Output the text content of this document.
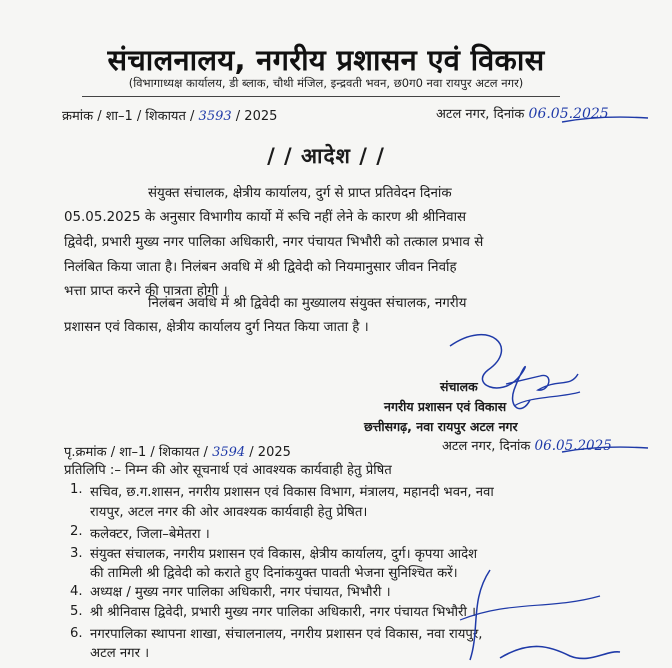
संचालनालय, नगरीय प्रशासन एवं विकास
(विभागाध्यक्ष कार्यालय, डी ब्लाक, चौथी मंजिल, इन्द्रवती भवन, छ0ग0 नवा रायपुर अटल नगर)
क्रमांक / शा–1 / शिकायत / 3593 / 2025	अटल नगर, दिनांक 06.05.2025
/ / आदेश / /
संयुक्त संचालक, क्षेत्रीय कार्यालय, दुर्ग से प्राप्त प्रतिवेदन दिनांक
05.05.2025 के अनुसार विभागीय कार्यो में रूचि नहीं लेने के कारण श्री श्रीनिवास
द्विवेदी, प्रभारी मुख्य नगर पालिका अधिकारी, नगर पंचायत भिभौरी को तत्काल प्रभाव से
निलंबित किया जाता है। निलंबन अवधि में श्री द्विवेदी को नियमानुसार जीवन निर्वाह
भत्ता प्राप्त करने की पात्रता होगी ।
निलंबन अवधि में श्री द्विवेदी का मुख्यालय संयुक्त संचालक, नगरीय
प्रशासन एवं विकास, क्षेत्रीय कार्यालय दुर्ग नियत किया जाता है ।
संचालक
नगरीय प्रशासन एवं विकास
छत्तीसगढ़, नवा रायपुर अटल नगर
पृ.क्रमांक / शा–1 / शिकायत / 3594 / 2025	अटल नगर, दिनांक 06.05.2025
प्रतिलिपि :– निम्न की ओर सूचनार्थ एवं आवश्यक कार्यवाही हेतु प्रेषित
1. सचिव, छ.ग.शासन, नगरीय प्रशासन एवं विकास विभाग, मंत्रालय, महानदी भवन, नवा
रायपुर, अटल नगर की ओर आवश्यक कार्यवाही हेतु प्रेषित।
2. कलेक्टर, जिला–बेमेतरा ।
3. संयुक्त संचालक, नगरीय प्रशासन एवं विकास, क्षेत्रीय कार्यालय, दुर्ग। कृपया आदेश
की तामिली श्री द्विवेदी को कराते हुए दिनांकयुक्त पावती भेजना सुनिश्चित करें।
4. अध्यक्ष / मुख्य नगर पालिका अधिकारी, नगर पंचायत, भिभौरी ।
5. श्री श्रीनिवास द्विवेदी, प्रभारी मुख्य नगर पालिका अधिकारी, नगर पंचायत भिभौरी ।
6. नगरपालिका स्थापना शाखा, संचालनालय, नगरीय प्रशासन एवं विकास, नवा रायपुर,
अटल नगर ।
